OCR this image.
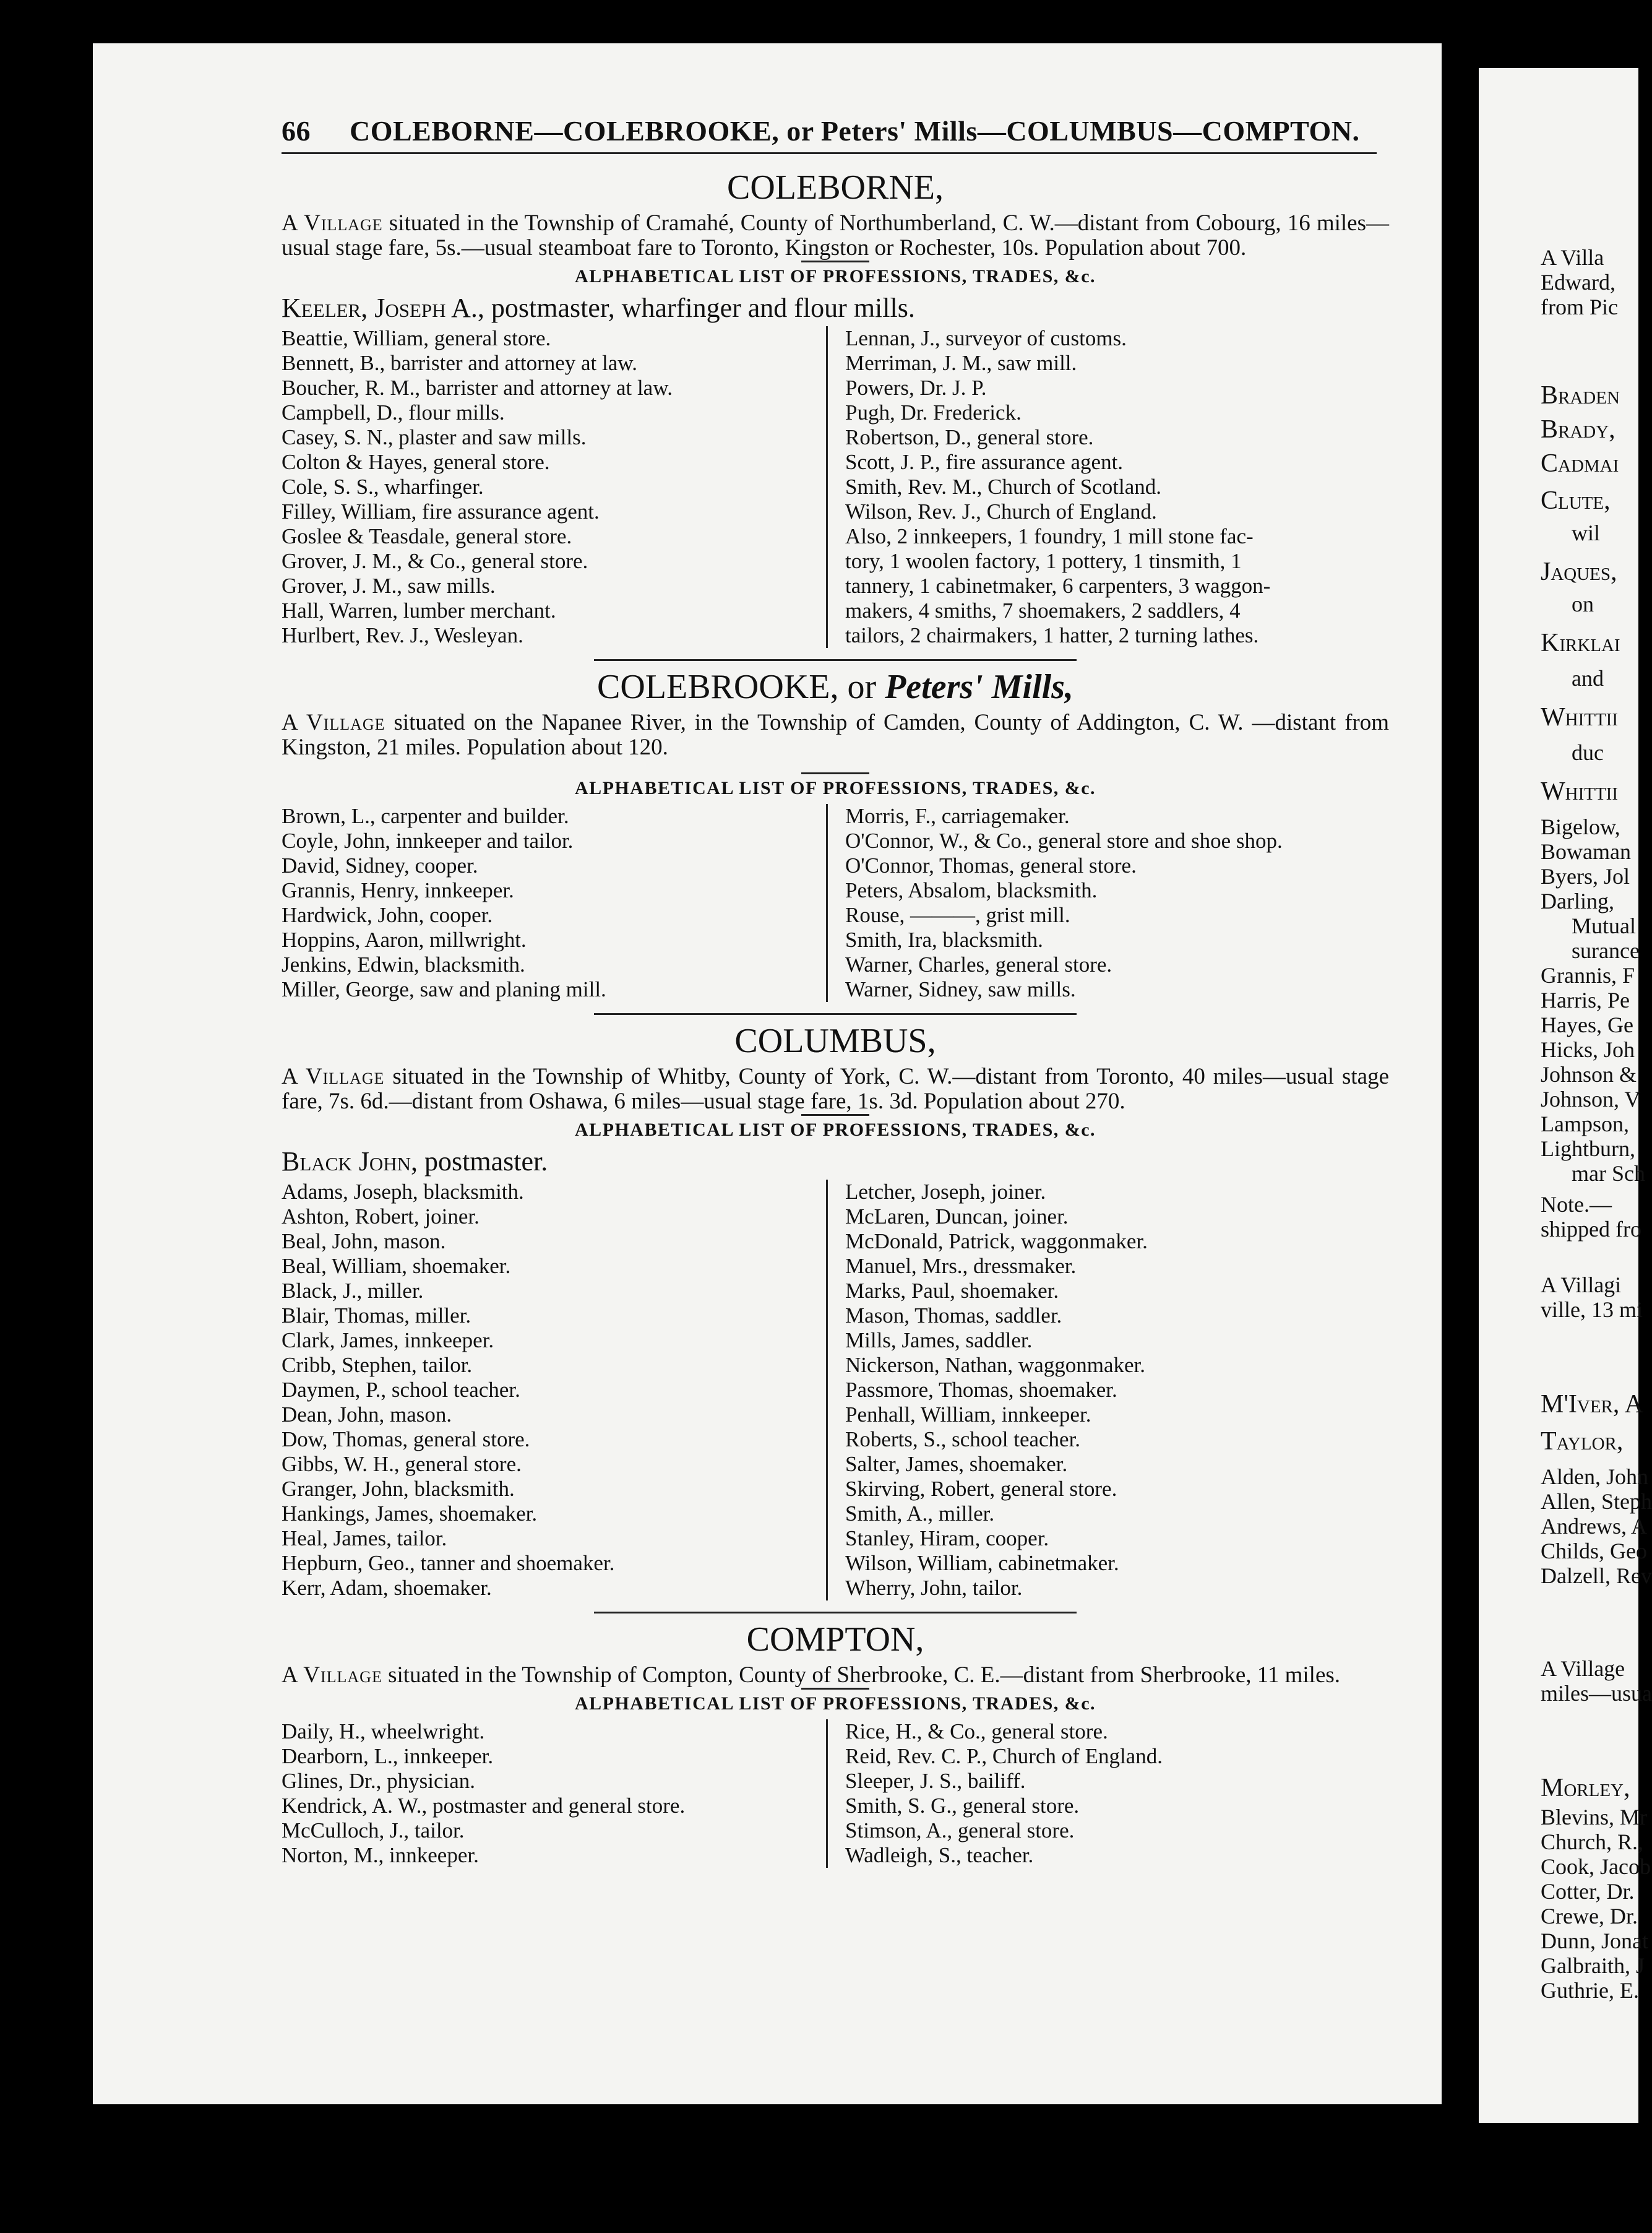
66	COLEBORNE—COLEBROOKE, or Peters' Mills—COLUMBUS—COMPTON.
COLEBORNE,
A Village situated in the Township of Cramahé, County of Northumberland, C. W.—distant from Cobourg, 16 miles—usual stage fare, 5s.—usual steamboat fare to Toronto, Kingston or Rochester, 10s. Population about 700.
ALPHABETICAL LIST OF PROFESSIONS, TRADES, &c.
Keeler, Joseph A., postmaster, wharfinger and flour mills.
Beattie, William, general store.
Bennett, B., barrister and attorney at law.
Boucher, R. M., barrister and attorney at law.
Campbell, D., flour mills.
Casey, S. N., plaster and saw mills.
Colton & Hayes, general store.
Cole, S. S., wharfinger.
Filley, William, fire assurance agent.
Goslee & Teasdale, general store.
Grover, J. M., & Co., general store.
Grover, J. M., saw mills.
Hall, Warren, lumber merchant.
Hurlbert, Rev. J., Wesleyan.
Lennan, J., surveyor of customs.
Merriman, J. M., saw mill.
Powers, Dr. J. P.
Pugh, Dr. Frederick.
Robertson, D., general store.
Scott, J. P., fire assurance agent.
Smith, Rev. M., Church of Scotland.
Wilson, Rev. J., Church of England.
Also, 2 innkeepers, 1 foundry, 1 mill stone fac-
tory, 1 woolen factory, 1 pottery, 1 tinsmith, 1
tannery, 1 cabinetmaker, 6 carpenters, 3 waggon-
makers, 4 smiths, 7 shoemakers, 2 saddlers, 4
tailors, 2 chairmakers, 1 hatter, 2 turning lathes.
COLEBROOKE, or Peters' Mills,
A Village situated on the Napanee River, in the Township of Camden, County of Addington, C. W. —distant from Kingston, 21 miles. Population about 120.
ALPHABETICAL LIST OF PROFESSIONS, TRADES, &c.
Brown, L., carpenter and builder.
Coyle, John, innkeeper and tailor.
David, Sidney, cooper.
Grannis, Henry, innkeeper.
Hardwick, John, cooper.
Hoppins, Aaron, millwright.
Jenkins, Edwin, blacksmith.
Miller, George, saw and planing mill.
Morris, F., carriagemaker.
O'Connor, W., & Co., general store and shoe shop.
O'Connor, Thomas, general store.
Peters, Absalom, blacksmith.
Rouse, ———, grist mill.
Smith, Ira, blacksmith.
Warner, Charles, general store.
Warner, Sidney, saw mills.
COLUMBUS,
A Village situated in the Township of Whitby, County of York, C. W.—distant from Toronto, 40 miles—usual stage fare, 7s. 6d.—distant from Oshawa, 6 miles—usual stage fare, 1s. 3d. Population about 270.
ALPHABETICAL LIST OF PROFESSIONS, TRADES, &c.
Black John, postmaster.
Adams, Joseph, blacksmith.
Ashton, Robert, joiner.
Beal, John, mason.
Beal, William, shoemaker.
Black, J., miller.
Blair, Thomas, miller.
Clark, James, innkeeper.
Cribb, Stephen, tailor.
Daymen, P., school teacher.
Dean, John, mason.
Dow, Thomas, general store.
Gibbs, W. H., general store.
Granger, John, blacksmith.
Hankings, James, shoemaker.
Heal, James, tailor.
Hepburn, Geo., tanner and shoemaker.
Kerr, Adam, shoemaker.
Letcher, Joseph, joiner.
McLaren, Duncan, joiner.
McDonald, Patrick, waggonmaker.
Manuel, Mrs., dressmaker.
Marks, Paul, shoemaker.
Mason, Thomas, saddler.
Mills, James, saddler.
Nickerson, Nathan, waggonmaker.
Passmore, Thomas, shoemaker.
Penhall, William, innkeeper.
Roberts, S., school teacher.
Salter, James, shoemaker.
Skirving, Robert, general store.
Smith, A., miller.
Stanley, Hiram, cooper.
Wilson, William, cabinetmaker.
Wherry, John, tailor.
COMPTON,
A Village situated in the Township of Compton, County of Sherbrooke, C. E.—distant from Sherbrooke, 11 miles.
ALPHABETICAL LIST OF PROFESSIONS, TRADES, &c.
Daily, H., wheelwright.
Dearborn, L., innkeeper.
Glines, Dr., physician.
Kendrick, A. W., postmaster and general store.
McCulloch, J., tailor.
Norton, M., innkeeper.
Rice, H., & Co., general store.
Reid, Rev. C. P., Church of England.
Sleeper, J. S., bailiff.
Smith, S. G., general store.
Stimson, A., general store.
Wadleigh, S., teacher.
A Villa
Edward,
from Pic
Braden
Brady,
Cadmai
Clute,
wil
Jaques,
on
Kirklai
and
Whittii
duc
Whittii
Bigelow,
Bowaman
Byers, Jol
Darling,
Mutual
surance
Grannis, F
Harris, Pe
Hayes, Ge
Hicks, Joh
Johnson &
Johnson, V
Lampson,
Lightburn,
mar Sch
Note.—
shipped fro
A Villagi
ville, 13 mi
M'Iver, A
Taylor,
Alden, John
Allen, Steph
Andrews, A
Childs, Geo
Dalzell, Rev
A Village
miles—usua
Morley,
Blevins, Mr
Church, R.,
Cook, Jacob
Cotter, Dr.
Crewe, Dr.
Dunn, Jonat
Galbraith, J
Guthrie, E.
